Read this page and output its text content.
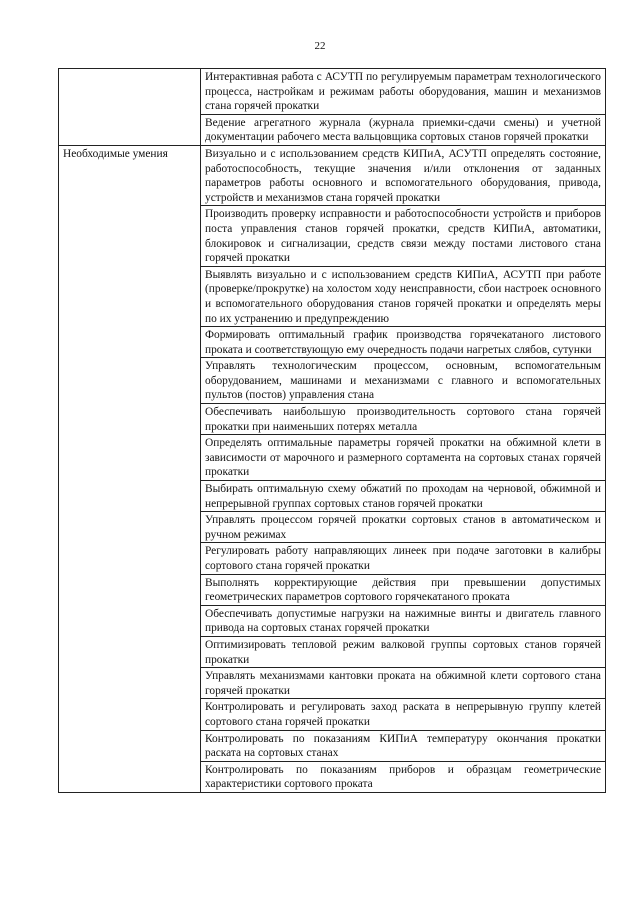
22
	Интерактивная работа с АСУТП по регулируемым параметрам технологического процесса, настройкам и режимам работы оборудования, машин и механизмов стана горячей прокатки
	Ведение агрегатного журнала (журнала приемки-сдачи смены) и учетной документации рабочего места вальцовщика сортовых станов горячей прокатки
Необходимые умения	Визуально и с использованием средств КИПиА, АСУТП определять состояние, работоспособность, текущие значения и/или отклонения от заданных параметров работы основного и вспомогательного оборудования, привода, устройств и механизмов стана горячей прокатки
	Производить проверку исправности и работоспособности устройств и приборов поста управления станов горячей прокатки, средств КИПиА, автоматики, блокировок и сигнализации, средств связи между постами листового стана горячей прокатки
	Выявлять визуально и с использованием средств КИПиА, АСУТП при работе (проверке/прокрутке) на холостом ходу неисправности, сбои настроек основного и вспомогательного оборудования станов горячей прокатки и определять меры по их устранению и предупреждению
	Формировать оптимальный график производства горячекатаного листового проката и соответствующую ему очередность подачи нагретых слябов, сутунки
	Управлять технологическим процессом, основным, вспомогательным оборудованием, машинами и механизмами с главного и вспомогательных пультов (постов) управления стана
	Обеспечивать наибольшую производительность сортового стана горячей прокатки при наименьших потерях металла
	Определять оптимальные параметры горячей прокатки на обжимной клети в зависимости от марочного и размерного сортамента на сортовых станах горячей прокатки
	Выбирать оптимальную схему обжатий по проходам на черновой, обжимной и непрерывной группах сортовых станов горячей прокатки
	Управлять процессом горячей прокатки сортовых станов в автоматическом и ручном режимах
	Регулировать работу направляющих линеек при подаче заготовки в калибры сортового стана горячей прокатки
	Выполнять корректирующие действия при превышении допустимых геометрических параметров сортового горячекатаного проката
	Обеспечивать допустимые нагрузки на нажимные винты и двигатель главного привода на сортовых станах горячей прокатки
	Оптимизировать тепловой режим валковой группы сортовых станов горячей прокатки
	Управлять механизмами кантовки проката на обжимной клети сортового стана горячей прокатки
	Контролировать и регулировать заход раската в непрерывную группу клетей сортового стана горячей прокатки
	Контролировать по показаниям КИПиА температуру окончания прокатки раската на сортовых станах
	Контролировать по показаниям приборов и образцам геометрические характеристики сортового проката
